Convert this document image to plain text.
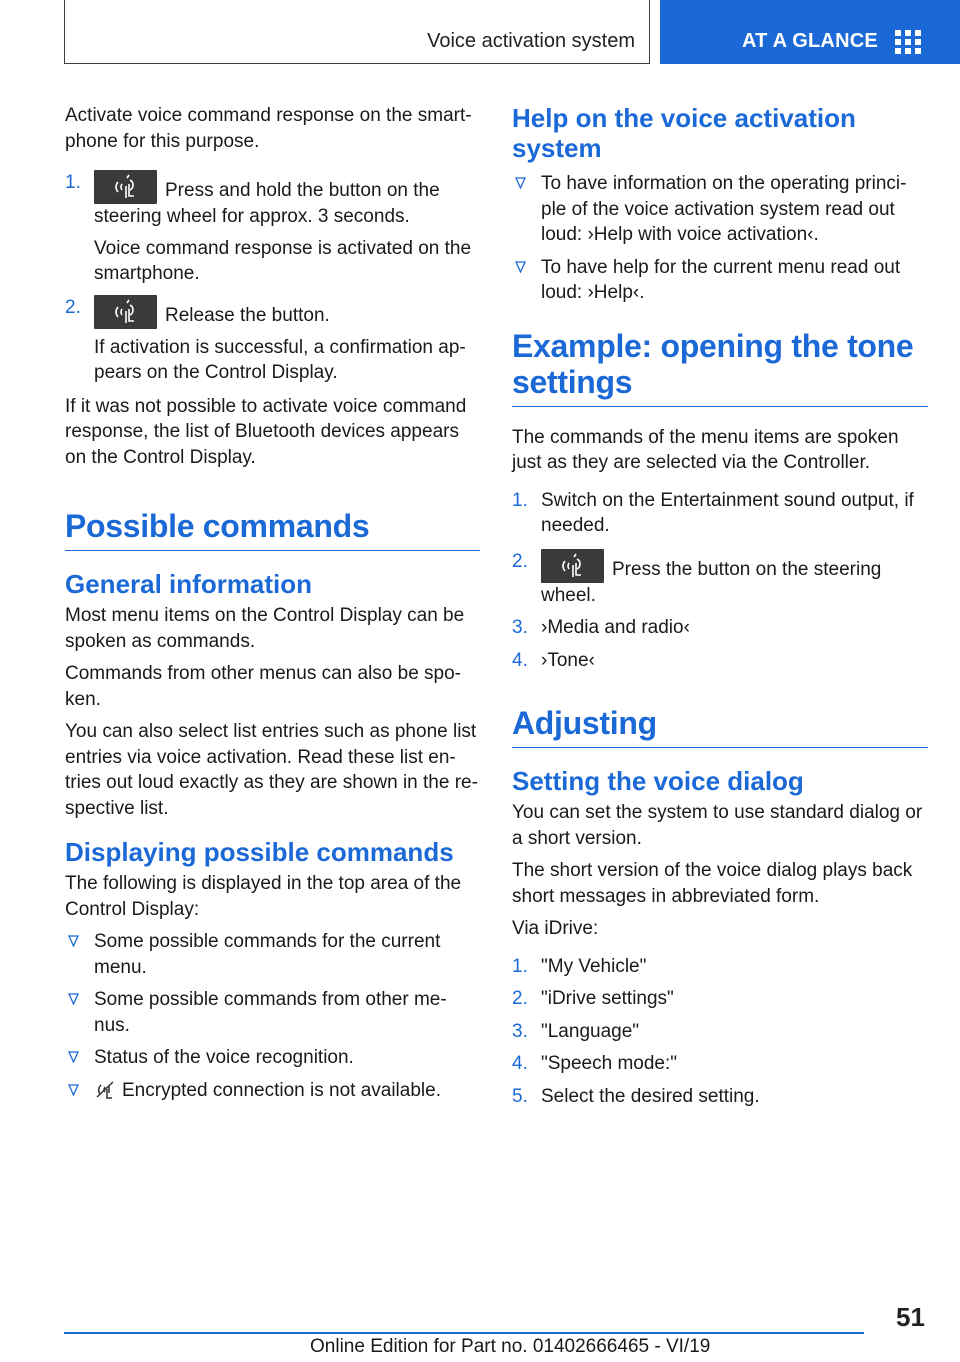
Voice activation system	AT A GLANCE

Activate voice command response on the smart-phone for this purpose.

1.	Press and hold the button on the steering wheel for approx. 3 seconds.

Voice command response is activated on the smartphone.

2.	Release the button.

If activation is successful, a confirmation ap-pears on the Control Display.

If it was not possible to activate voice command response, the list of Bluetooth devices appears on the Control Display.

Possible commands
General information

Most menu items on the Control Display can be spoken as commands.

Commands from other menus can also be spo-ken.

You can also select list entries such as phone list entries via voice activation. Read these list en-tries out loud exactly as they are shown in the re-spective list.

Displaying possible commands

The following is displayed in the top area of the Control Display:

Some possible commands for the current menu.
Some possible commands from other me-nus.
Status of the voice recognition.
Encrypted connection is not available.
Help on the voice activation system
To have information on the operating princi-ple of the voice activation system read out loud: ›Help with voice activation‹.
To have help for the current menu read out loud: ›Help‹.
Example: opening the tone settings

The commands of the menu items are spoken just as they are selected via the Controller.

1. Switch on the Entertainment sound output, if needed.
2.	Press the button on the steering wheel.
3. ›Media and radio‹
4. ›Tone‹
Adjusting
Setting the voice dialog

You can set the system to use standard dialog or a short version.

The short version of the voice dialog plays back short messages in abbreviated form.

Via iDrive:

1. "My Vehicle"
2. "iDrive settings"
3. "Language"
4. "Speech mode:"
5. Select the desired setting.
51
Online Edition for Part no. 01402666465 - VI/19
